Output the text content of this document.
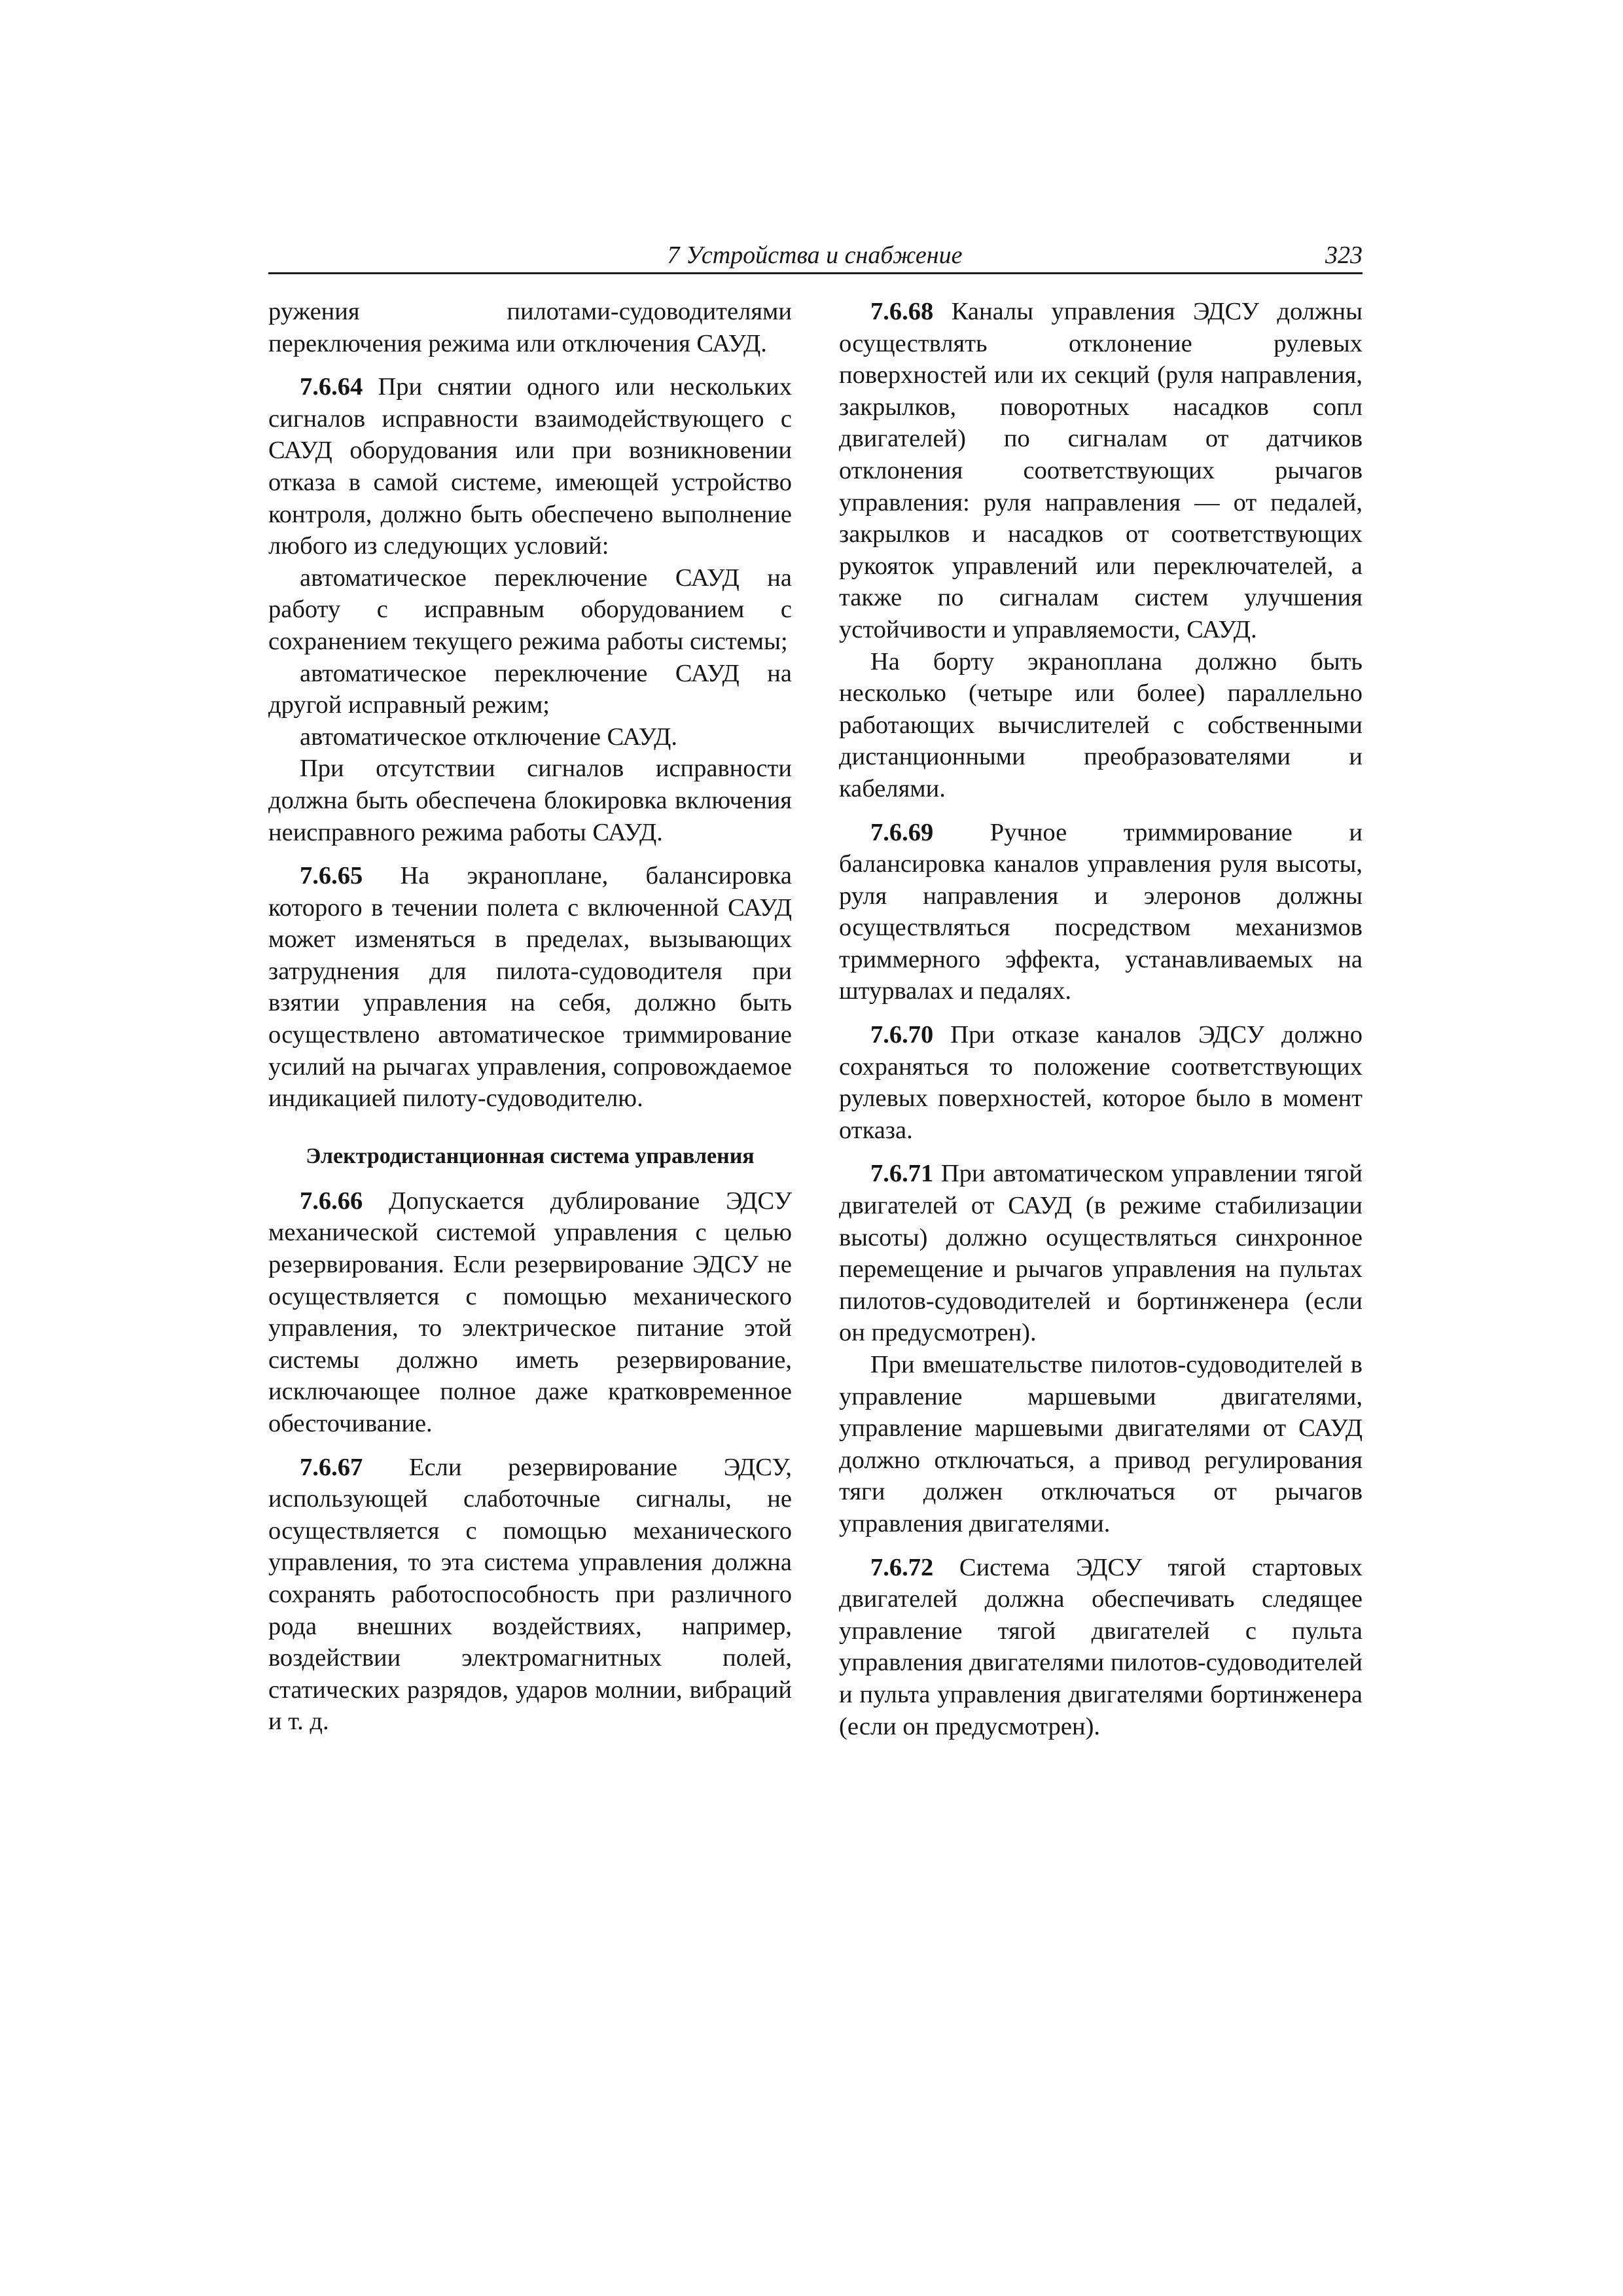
7 Устройства и снабжение	323

ружения пилотами-судоводителями переключения режима или отключения САУД.

7.6.64 При снятии одного или нескольких сигналов исправности взаимодействующего с САУД оборудования или при возникновении отказа в самой системе, имеющей устройство контроля, должно быть обеспечено выполнение любого из следующих условий:

автоматическое переключение САУД на работу с исправным оборудованием с сохранением текущего режима работы системы;

автоматическое переключение САУД на другой исправный режим;

автоматическое отключение САУД.

При отсутствии сигналов исправности должна быть обеспечена блокировка включения неисправного режима работы САУД.

7.6.65 На экраноплане, балансировка которого в течении полета с включенной САУД может изменяться в пределах, вызывающих затруднения для пилота-судоводителя при взятии управления на себя, должно быть осуществлено автоматическое триммирование усилий на рычагах управления, сопровождаемое индикацией пилоту-судоводителю.

Электродистанционная система управления

7.6.66 Допускается дублирование ЭДСУ механической системой управления с целью резервирования. Если резервирование ЭДСУ не осуществляется с помощью механического управления, то электрическое питание этой системы должно иметь резервирование, исключающее полное даже кратковременное обесточивание.

7.6.67 Если резервирование ЭДСУ, использующей слаботочные сигналы, не осуществляется с помощью механического управления, то эта система управления должна сохранять работоспособность при различного рода внешних воздействиях, например, воздействии электромагнитных полей, статических разрядов, ударов молнии, вибраций и т. д.

7.6.68 Каналы управления ЭДСУ должны осуществлять отклонение рулевых поверхностей или их секций (руля направления, закрылков, поворотных насадков сопл двигателей) по сигналам от датчиков отклонения соответствующих рычагов управления: руля направления — от педалей, закрылков и насадков от соответствующих рукояток управлений или переключателей, а также по сигналам систем улучшения устойчивости и управляемости, САУД.

На борту экраноплана должно быть несколько (четыре или более) параллельно работающих вычислителей с собственными дистанционными преобразователями и кабелями.

7.6.69 Ручное триммирование и балансировка каналов управления руля высоты, руля направления и элеронов должны осуществляться посредством механизмов триммерного эффекта, устанавливаемых на штурвалах и педалях.

7.6.70 При отказе каналов ЭДСУ должно сохраняться то положение соответствующих рулевых поверхностей, которое было в момент отказа.

7.6.71 При автоматическом управлении тягой двигателей от САУД (в режиме стабилизации высоты) должно осуществляться синхронное перемещение и рычагов управления на пультах пилотов-судоводителей и бортинженера (если он предусмотрен).

При вмешательстве пилотов-судоводителей в управление маршевыми двигателями, управление маршевыми двигателями от САУД должно отключаться, а привод регулирования тяги должен отключаться от рычагов управления двигателями.

7.6.72 Система ЭДСУ тягой стартовых двигателей должна обеспечивать следящее управление тягой двигателей с пульта управления двигателями пилотов-судоводителей и пульта управления двигателями бортинженера (если он предусмотрен).
